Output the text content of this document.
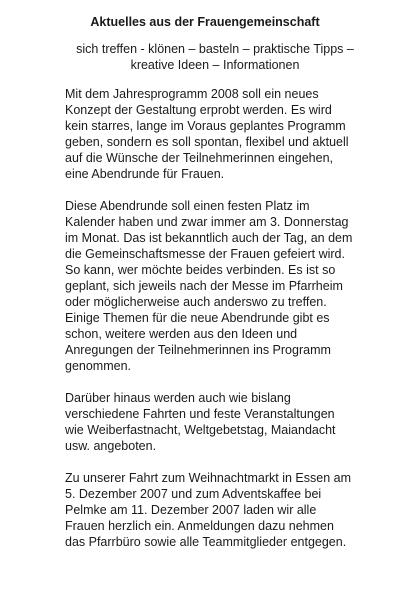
Aktuelles aus der Frauengemeinschaft
sich treffen - klönen – basteln – praktische Tipps –
kreative Ideen – Informationen

Mit dem Jahresprogramm 2008 soll ein neues
Konzept der Gestaltung erprobt werden. Es wird
kein starres, lange im Voraus geplantes Programm
geben, sondern es soll spontan, flexibel und aktuell
auf die Wünsche der Teilnehmerinnen eingehen,
eine Abendrunde für Frauen.

Diese Abendrunde soll einen festen Platz im
Kalender haben und zwar immer am 3. Donnerstag
im Monat. Das ist bekanntlich auch der Tag, an dem
die Gemeinschaftsmesse der Frauen gefeiert wird.
So kann, wer möchte beides verbinden. Es ist so
geplant, sich jeweils nach der Messe im Pfarrheim
oder möglicherweise auch anderswo zu treffen.
Einige Themen für die neue Abendrunde gibt es
schon, weitere werden aus den Ideen und
Anregungen der Teilnehmerinnen ins Programm
genommen.

Darüber hinaus werden auch wie bislang
verschiedene Fahrten und feste Veranstaltungen
wie Weiberfastnacht, Weltgebetstag, Maiandacht
usw. angeboten.

Zu unserer Fahrt zum Weihnachtmarkt in Essen am
5. Dezember 2007 und zum Adventskaffee bei
Pelmke am 11. Dezember 2007 laden wir alle
Frauen herzlich ein. Anmeldungen dazu nehmen
das Pfarrbüro sowie alle Teammitglieder entgegen.
